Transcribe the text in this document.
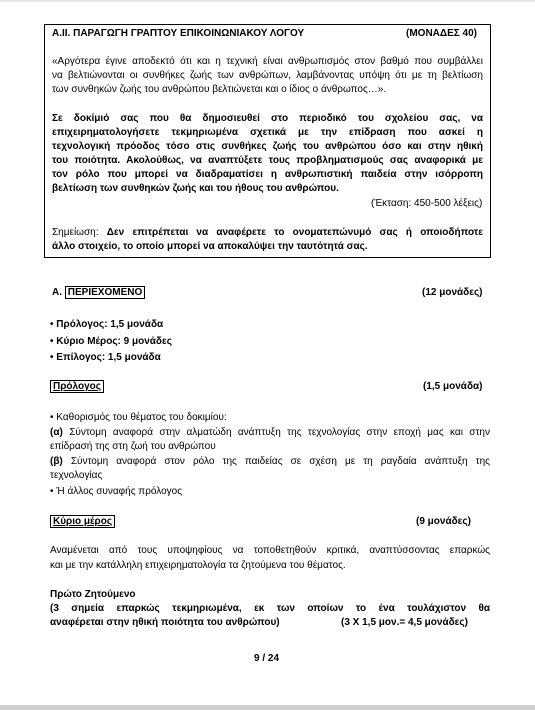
Α.ΙΙ. ΠΑΡΑΓΩΓΗ ΓΡΑΠΤΟΥ ΕΠΙΚΟΙΝΩΝΙΑΚΟΥ ΛΟΓΟΥ	(ΜΟΝΑΔΕΣ 40)
«Αργότερα έγινε αποδεκτό ότι και η τεχνική είναι ανθρωπισμός στον βαθμό που συμβάλλει
να βελτιώνονται οι συνθήκες ζωής των ανθρώπων, λαμβάνοντας υπόψη ότι με τη βελτίωση
των συνθηκών ζωής του ανθρώπου βελτιώνεται και ο ίδιος ο άνθρωπος…».
Σε δοκίμιό σας που θα δημοσιευθεί στο περιοδικό του σχολείου σας, να
επιχειρηματολογήσετε τεκμηριωμένα σχετικά με την επίδραση που ασκεί η
τεχνολογική πρόοδος τόσο στις συνθήκες ζωής του ανθρώπου όσο και στην ηθική
του ποιότητα. Ακολούθως, να αναπτύξετε τους προβληματισμούς σας αναφορικά με
τον ρόλο που μπορεί να διαδραματίσει η ανθρωπιστική παιδεία στην ισόρροπη
βελτίωση των συνθηκών ζωής και του ήθους του ανθρώπου.
(Έκταση: 450-500 λέξεις)
Σημείωση: Δεν επιτρέπεται να αναφέρετε το ονοματεπώνυμό σας ή οποιοδήποτε
άλλο στοιχείο, το οποίο μπορεί να αποκαλύψει την ταυτότητά σας.
Α. ΠΕΡΙΕΧΟΜΕΝΟ	(12 μονάδες)
• Πρόλογος: 1,5 μονάδα
• Κύριο Μέρος: 9 μονάδες
• Επίλογος: 1,5 μονάδα
Πρόλογος	(1,5 μονάδα)
• Καθορισμός του θέματος του δοκιμίου:
(α) Σύντομη αναφορά στην αλματώδη ανάπτυξη της τεχνολογίας στην εποχή μας και στην
επίδρασή της στη ζωή του ανθρώπου
(β) Σύντομη αναφορά στον ρόλο της παιδείας σε σχέση με τη ραγδαία ανάπτυξη της
τεχνολογίας
• Ή άλλος συναφής πρόλογος
Κύριο μέρος	(9 μονάδες)
Αναμένεται από τους υποψηφίους να τοποθετηθούν κριτικά, αναπτύσσοντας επαρκώς
και με την κατάλληλη επιχειρηματολογία τα ζητούμενα του θέματος.
Πρώτο Ζητούμενο
(3 σημεία επαρκώς τεκμηριωμένα, εκ των οποίων το ένα τουλάχιστον θα
αναφέρεται στην ηθική ποιότητα του ανθρώπου)	(3 Χ 1,5 μον.= 4,5 μονάδες)
9 / 24
